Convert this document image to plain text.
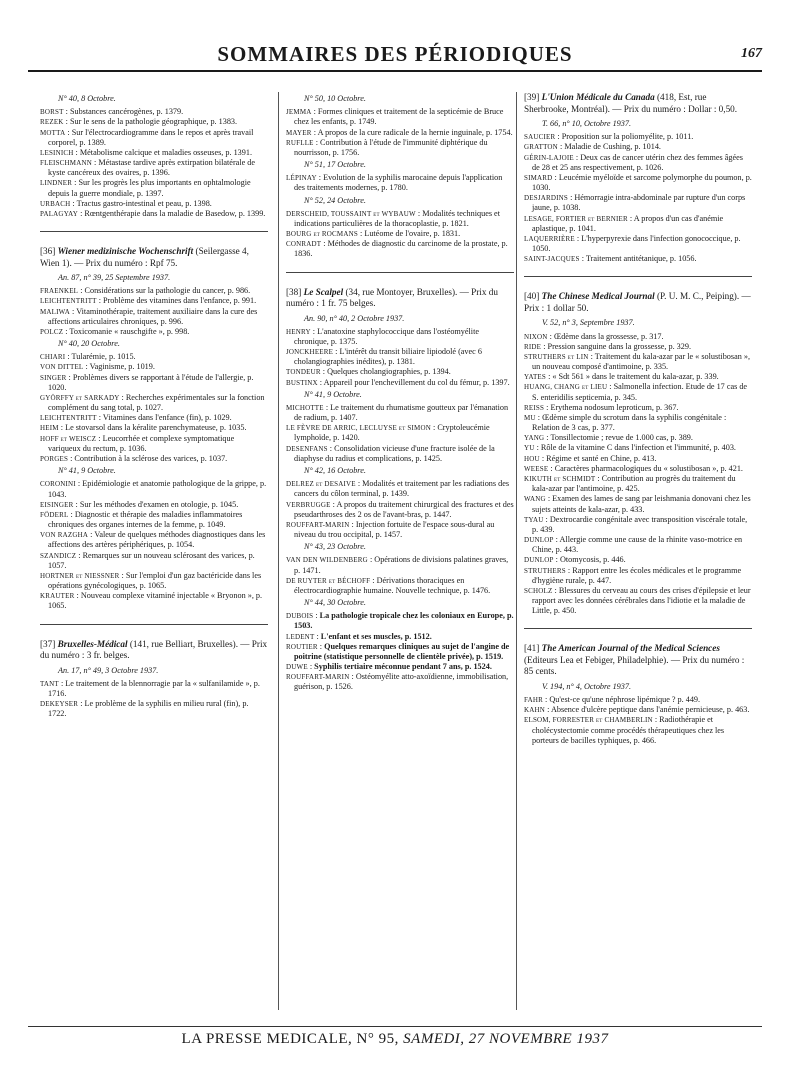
SOMMAIRES DES PÉRIODIQUES	167

N° 40, 8 Octobre.

BORST : Substances cancérogènes, p. 1379.

REZEK : Sur le sens de la pathologie géographique, p. 1383.

MOTTA : Sur l'électrocardiogramme dans le repos et après travail corporel, p. 1389.

LESINICH : Métabolisme calcique et maladies osseuses, p. 1391.

FLEISCHMANN : Métastase tardive après extirpation bilatérale de kyste cancéreux des ovaires, p. 1396.

LINDNER : Sur les progrès les plus importants en ophtalmologie depuis la guerre mondiale, p. 1397.

URBACH : Tractus gastro-intestinal et peau, p. 1398.

PALAGYAY : Rœntgenthérapie dans la maladie de Basedow, p. 1399.

[36] Wiener medizinische Wochenschrift (Seilergasse 4, Wien 1). — Prix du numéro : Rpf 75.

An. 87, n° 39, 25 Septembre 1937.

FRAENKEL : Considérations sur la pathologie du cancer, p. 986.

LEICHTENTRITT : Problème des vitamines dans l'enfance, p. 991.

MALIWA : Vitaminothérapie, traitement auxiliaire dans la cure des affections articulaires chroniques, p. 996.

POLCZ : Toxicomanie « rauschgifte », p. 998.

N° 40, 20 Octobre.

CHIARI : Tularémie, p. 1015.

VON DITTEL : Vaginisme, p. 1019.

SINGER : Problèmes divers se rapportant à l'étude de l'allergie, p. 1020.

GYÖRFFY et SARKADY : Recherches expérimentales sur la fonction complément du sang total, p. 1027.

LEICHTENTRITT : Vitamines dans l'enfance (fin), p. 1029.

HEIM : Le stovarsol dans la kéralite parenchymateuse, p. 1035.

HOFF et WEISCZ : Leucorrhée et complexe symptomatique variqueux du rectum, p. 1036.

PORGES : Contribution à la sclérose des varices, p. 1037.

N° 41, 9 Octobre.

CORONINI : Epidémiologie et anatomie pathologique de la grippe, p. 1043.

EISINGER : Sur les méthodes d'examen en otologie, p. 1045.

FÖDERL : Diagnostic et thérapie des maladies inflammatoires chroniques des organes internes de la femme, p. 1049.

VON RAZGHA : Valeur de quelques méthodes diagnostiques dans les affections des artères périphériques, p. 1054.

SZANDICZ : Remarques sur un nouveau sclérosant des varices, p. 1057.

HORTNER et NIESSNER : Sur l'emploi d'un gaz bactéricide dans les opérations gynécologiques, p. 1065.

KRAUTER : Nouveau complexe vitaminé injectable « Bryonon », p. 1065.

[37] Bruxelles-Médical (141, rue Belliart, Bruxelles). — Prix du numéro : 3 fr. belges.

An. 17, n° 49, 3 Octobre 1937.

TANT : Le traitement de la blennorragie par la « sulfanilamide », p. 1716.

DEKEYSER : Le problème de la syphilis en milieu rural (fin), p. 1722.

N° 50, 10 Octobre.

JEMMA : Formes cliniques et traitement de la septicémie de Bruce chez les enfants, p. 1749.

MAYER : A propos de la cure radicale de la hernie inguinale, p. 1754.

RUFLLE : Contribution à l'étude de l'immunité diphtérique du nourrisson, p. 1756.

N° 51, 17 Octobre.

LÉPINAY : Evolution de la syphilis marocaine depuis l'application des traitements modernes, p. 1780.

N° 52, 24 Octobre.

DERSCHEID, TOUSSAINT et WYBAUW : Modalités techniques et indications particulières de la thoracoplastie, p. 1821.

BOURG et ROCMANS : Lutéome de l'ovaire, p. 1831.

CONRADT : Méthodes de diagnostic du carcinome de la prostate, p. 1836.

[38] Le Scalpel (34, rue Montoyer, Bruxelles). — Prix du numéro : 1 fr. 75 belges.

An. 90, n° 40, 2 Octobre 1937.

HENRY : L'anatoxine staphylococcique dans l'ostéomyélite chronique, p. 1375.

JONCKHEERE : L'intérêt du transit biliaire lipiodolé (avec 6 cholangiographies inédites), p. 1381.

TONDEUR : Quelques cholangiographies, p. 1394.

BUSTINX : Appareil pour l'enchevillement du col du fémur, p. 1397.

N° 41, 9 Octobre.

MICHOTTE : Le traitement du rhumatisme goutteux par l'émanation de radium, p. 1407.

LE FÈVRE DE ARRIC, LECLUYSE et SIMON : Cryptoleucémie lymphoïde, p. 1420.

DESENFANS : Consolidation vicieuse d'une fracture isolée de la diaphyse du radius et complications, p. 1425.

N° 42, 16 Octobre.

DELREZ et DESAIVE : Modalités et traitement par les radiations des cancers du côlon terminal, p. 1439.

VERBRUGGE : A propos du traitement chirurgical des fractures et des pseudarthroses des 2 os de l'avant-bras, p. 1447.

ROUFFART-MARIN : Injection fortuite de l'espace sous-dural au niveau du trou occipital, p. 1457.

N° 43, 23 Octobre.

VAN DEN WILDENBERG : Opérations de divisions palatines graves, p. 1471.

DE RUYTER et BÉCHOFF : Dérivations thoraciques en électrocardiographie humaine. Nouvelle technique, p. 1476.

N° 44, 30 Octobre.

DUBOIS : La pathologie tropicale chez les coloniaux en Europe, p. 1503.

LEDENT : L'enfant et ses muscles, p. 1512.

ROUTIER : Quelques remarques cliniques au sujet de l'angine de poitrine (statistique personnelle de clientèle privée), p. 1519.

DUWE : Syphilis tertiaire méconnue pendant 7 ans, p. 1524.

ROUFFART-MARIN : Ostéomyélite atto-axoïdienne, immobilisation, guérison, p. 1526.

[39] L'Union Médicale du Canada (418, Est, rue Sherbrooke, Montréal). — Prix du numéro : Dollar : 0,50.

T. 66, n° 10, Octobre 1937.

SAUCIER : Proposition sur la poliomyélite, p. 1011.

GRATTON : Maladie de Cushing, p. 1014.

GÉRIN-LAJOIE : Deux cas de cancer utérin chez des femmes âgées de 28 et 25 ans respectivement, p. 1026.

SIMARD : Leucémie myéloïde et sarcome polymorphe du poumon, p. 1030.

DESJARDINS : Hémorragie intra-abdominale par rupture d'un corps jaune, p. 1038.

LESAGE, FORTIER et BERNIER : A propos d'un cas d'anémie aplastique, p. 1041.

LAQUERRIÈRE : L'hyperpyrexie dans l'infection gonococcique, p. 1050.

SAINT-JACQUES : Traitement antitétanique, p. 1056.

[40] The Chinese Medical Journal (P. U. M. C., Peiping). — Prix : 1 dollar 50.

V. 52, n° 3, Septembre 1937.

NIXON : Œdème dans la grossesse, p. 317.

RIDE : Pression sanguine dans la grossesse, p. 329.

STRUTHERS et LIN : Traitement du kala-azar par le « solustibosan », un nouveau composé d'antimoine, p. 335.

YATES : « Sdt 561 » dans le traitement du kala-azar, p. 339.

HUANG, CHANG et LIEU : Salmonella infection. Etude de 17 cas de S. enteridilis septicemia, p. 345.

REISS : Erythema nodosum leproticum, p. 367.

MU : Œdème simple du scrotum dans la syphilis congénitale : Relation de 3 cas, p. 377.

YANG : Tonsillectomie ; revue de 1.000 cas, p. 389.

YU : Rôle de la vitamine C dans l'infection et l'immunité, p. 403.

HOU : Régime et santé en Chine, p. 413.

WEESE : Caractères pharmacologiques du « solustibosan », p. 421.

KIKUTH et SCHMIDT : Contribution au progrès du traitement du kala-azar par l'antimoine, p. 425.

WANG : Examen des lames de sang par leishmania donovani chez les sujets atteints de kala-azar, p. 433.

TYAU : Dextrocardie congénitale avec transposition viscérale totale, p. 439.

DUNLOP : Allergie comme une cause de la rhinite vaso-motrice en Chine, p. 443.

DUNLOP : Otomycosis, p. 446.

STRUTHERS : Rapport entre les écoles médicales et le programme d'hygiène rurale, p. 447.

SCHOLZ : Blessures du cerveau au cours des crises d'épilepsie et leur rapport avec les données cérébrales dans l'idiotie et la maladie de Little, p. 450.

[41] The American Journal of the Medical Sciences (Editeurs Lea et Febiger, Philadelphie). — Prix du numéro : 85 cents.

V. 194, n° 4, Octobre 1937.

FAHR : Qu'est-ce qu'une néphrose lipémique ? p. 449.

KAHN : Absence d'ulcère peptique dans l'anémie pernicieuse, p. 463.

ELSOM, FORRESTER et CHAMBERLIN : Radiothérapie et cholécystectomie comme procédés thérapeutiques chez les porteurs de bacilles typhiques, p. 466.

LA PRESSE MEDICALE, N° 95, SAMEDI, 27 NOVEMBRE 1937
